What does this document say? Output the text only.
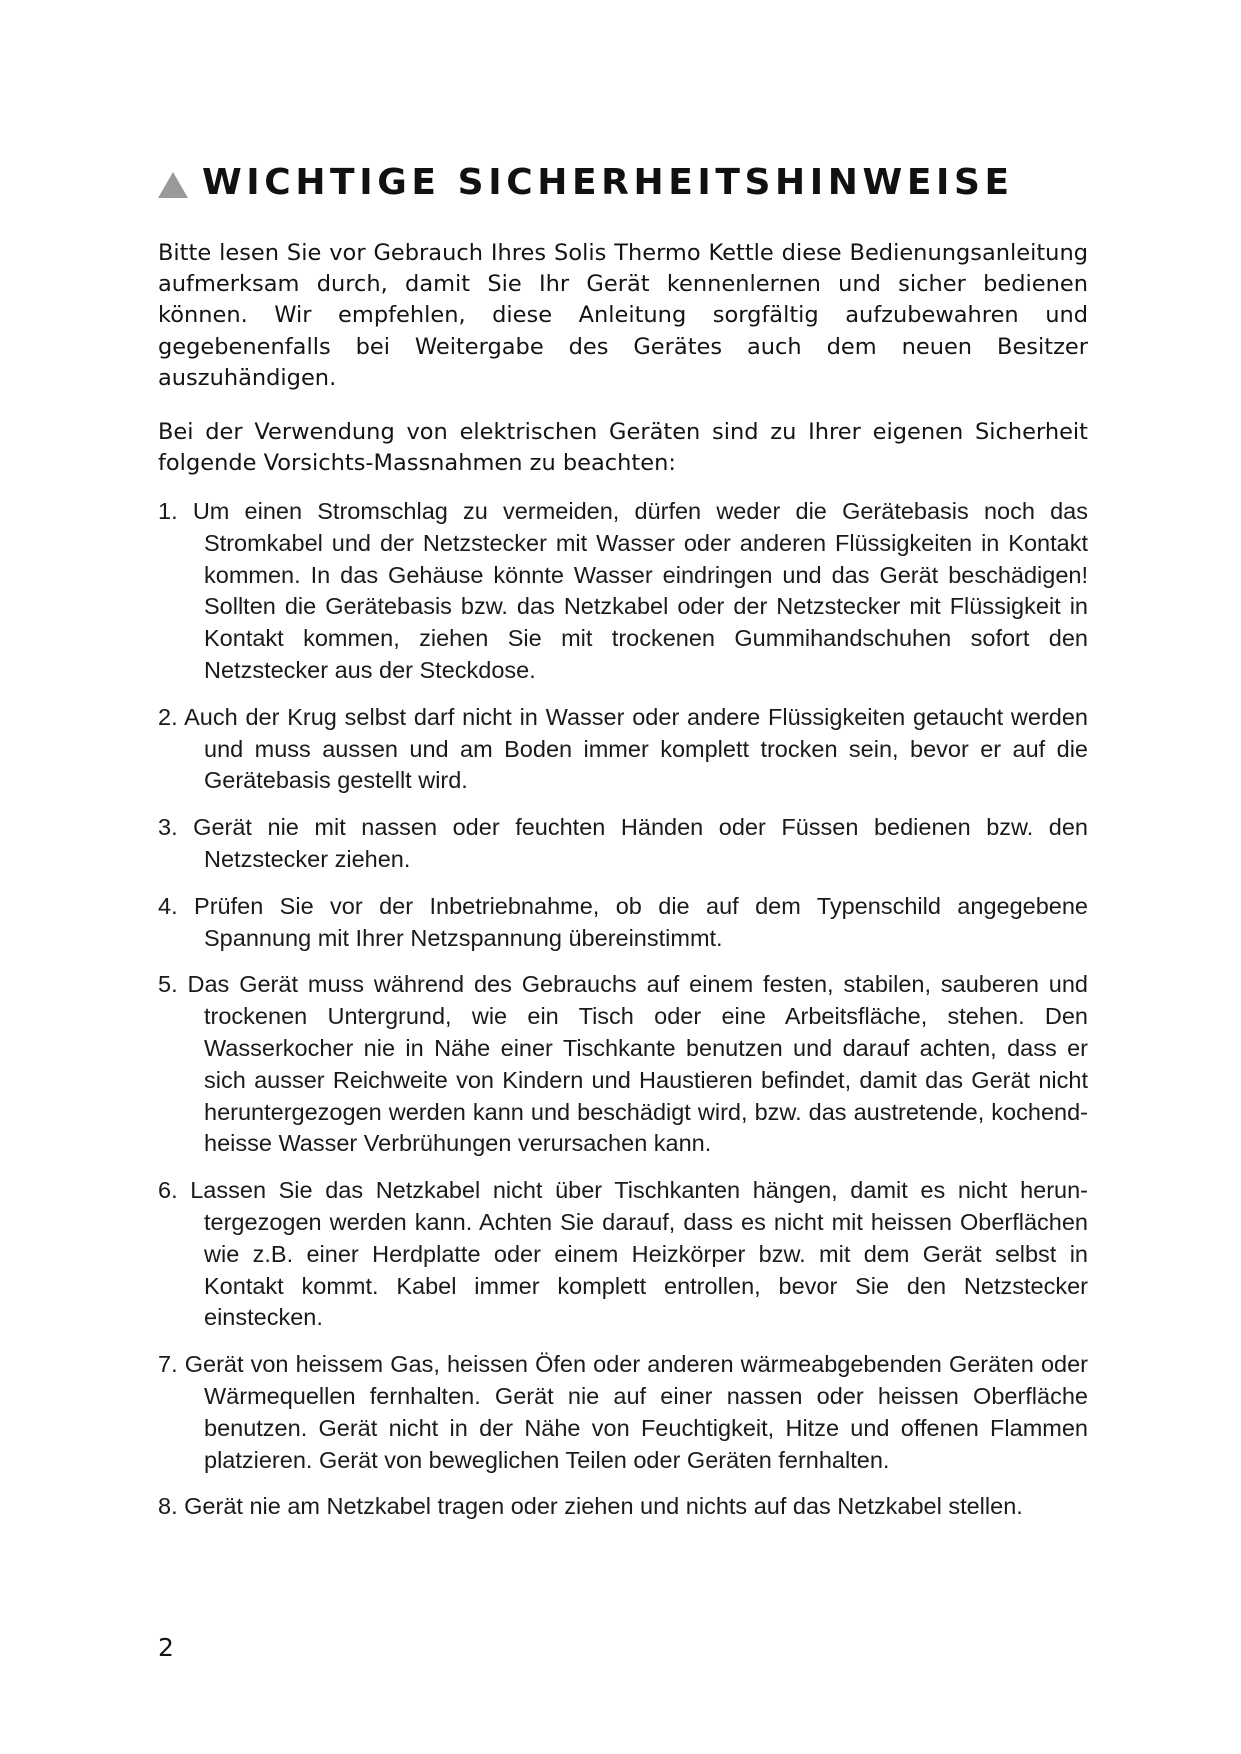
WICHTIGE SICHERHEITSHINWEISE

Bitte lesen Sie vor Gebrauch Ihres Solis Thermo Kettle diese Bedienungsanleitung aufmerksam durch, damit Sie Ihr Gerät kennenlernen und sicher bedienen können. Wir empfehlen, diese Anleitung sorgfältig aufzubewahren und gegebenenfalls bei Weitergabe des Gerätes auch dem neuen Besitzer auszuhändigen.

Bei der Verwendung von elektrischen Geräten sind zu Ihrer eigenen Sicherheit folgende Vorsichts-Massnahmen zu beachten:

1. Um einen Stromschlag zu vermeiden, dürfen weder die Gerätebasis noch das Stromkabel und der Netzstecker mit Wasser oder anderen Flüssigkeiten in Kontakt kommen. In das Gehäuse könnte Wasser eindringen und das Gerät beschädigen! Sollten die Gerätebasis bzw. das Netzkabel oder der Netzstecker mit Flüssigkeit in Kontakt kommen, ziehen Sie mit trockenen Gummihandschuhen sofort den Netzstecker aus der Steckdose.
2. Auch der Krug selbst darf nicht in Wasser oder andere Flüssigkeiten getaucht werden und muss aussen und am Boden immer komplett trocken sein, bevor er auf die Gerätebasis gestellt wird.
3. Gerät nie mit nassen oder feuchten Händen oder Füssen bedienen bzw. den Netzstecker ziehen.
4. Prüfen Sie vor der Inbetriebnahme, ob die auf dem Typenschild angegebene Spannung mit Ihrer Netzspannung übereinstimmt.
5. Das Gerät muss während des Gebrauchs auf einem festen, stabilen, sauberen und trockenen Untergrund, wie ein Tisch oder eine Arbeitsfläche, stehen. Den Wasserkocher nie in Nähe einer Tischkante benutzen und darauf achten, dass er sich ausser Reichweite von Kindern und Haustieren befindet, damit das Gerät nicht heruntergezogen werden kann und beschädigt wird, bzw. das austretende, kochend-heisse Wasser Verbrühungen verursachen kann.
6. Lassen Sie das Netzkabel nicht über Tischkanten hängen, damit es nicht heruntergezogen werden kann. Achten Sie darauf, dass es nicht mit heissen Oberflächen wie z.B. einer Herdplatte oder einem Heizkörper bzw. mit dem Gerät selbst in Kontakt kommt. Kabel immer komplett entrollen, bevor Sie den Netzstecker einstecken.
7. Gerät von heissem Gas, heissen Öfen oder anderen wärmeabgebenden Geräten oder Wärmequellen fernhalten. Gerät nie auf einer nassen oder heissen Oberfläche benutzen. Gerät nicht in der Nähe von Feuchtigkeit, Hitze und offenen Flammen platzieren. Gerät von beweglichen Teilen oder Geräten fernhalten.
8. Gerät nie am Netzkabel tragen oder ziehen und nichts auf das Netzkabel stellen.

2
